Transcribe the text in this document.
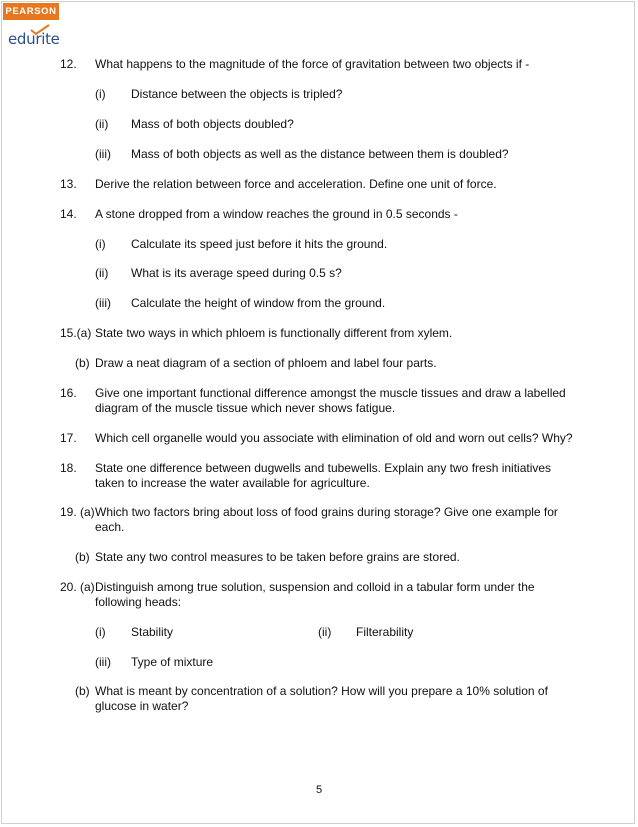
PEARSON
edurite
12. What happens to the magnitude of the force of gravitation between two objects if -
(i) Distance between the objects is tripled?
(ii) Mass of both objects doubled?
(iii) Mass of both objects as well as the distance between them is doubled?
13. Derive the relation between force and acceleration. Define one unit of force.
14. A stone dropped from a window reaches the ground in 0.5 seconds -
(i) Calculate its speed just before it hits the ground.
(ii) What is its average speed during 0.5 s?
(iii) Calculate the height of window from the ground.
15.(a) State two ways in which phloem is functionally different from xylem.
(b) Draw a neat diagram of a section of phloem and label four parts.
16. Give one important functional difference amongst the muscle tissues and draw a labelled diagram of the muscle tissue which never shows fatigue.
17. Which cell organelle would you associate with elimination of old and worn out cells? Why?
18. State one difference between dugwells and tubewells. Explain any two fresh initiatives taken to increase the water available for agriculture.
19. (a) Which two factors bring about loss of food grains during storage? Give one example for each.
(b) State any two control measures to be taken before grains are stored.
20. (a) Distinguish among true solution, suspension and colloid in a tabular form under the following heads:
(i) Stability	(ii) Filterability
(iii) Type of mixture
(b) What is meant by concentration of a solution? How will you prepare a 10% solution of glucose in water?
5
